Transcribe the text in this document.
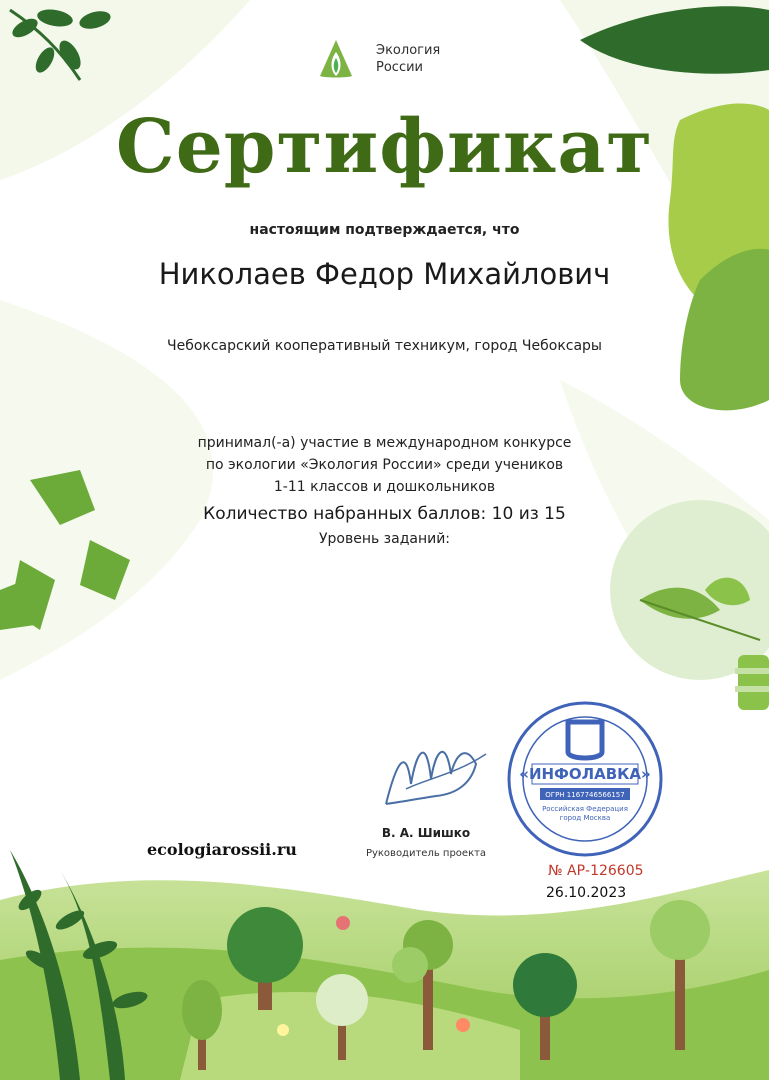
Экология
России
Сертификат
настоящим подтверждается, что
Николаев Федор Михайлович
Чебоксарский кооперативный техникум, город Чебоксары
принимал(-а) участие в международном конкурсе
по экологии «Экология России» среди учеников
1-11 классов и дошкольников
Количество набранных баллов: 10 из 15
Уровень заданий:
«ИНФОЛАВКА»
ОГРН 1167746566157
Российская Федерация
город Москва
ecologiarossii.ru
В. А. Шишко
Руководитель проекта
№ АР-126605
26.10.2023
